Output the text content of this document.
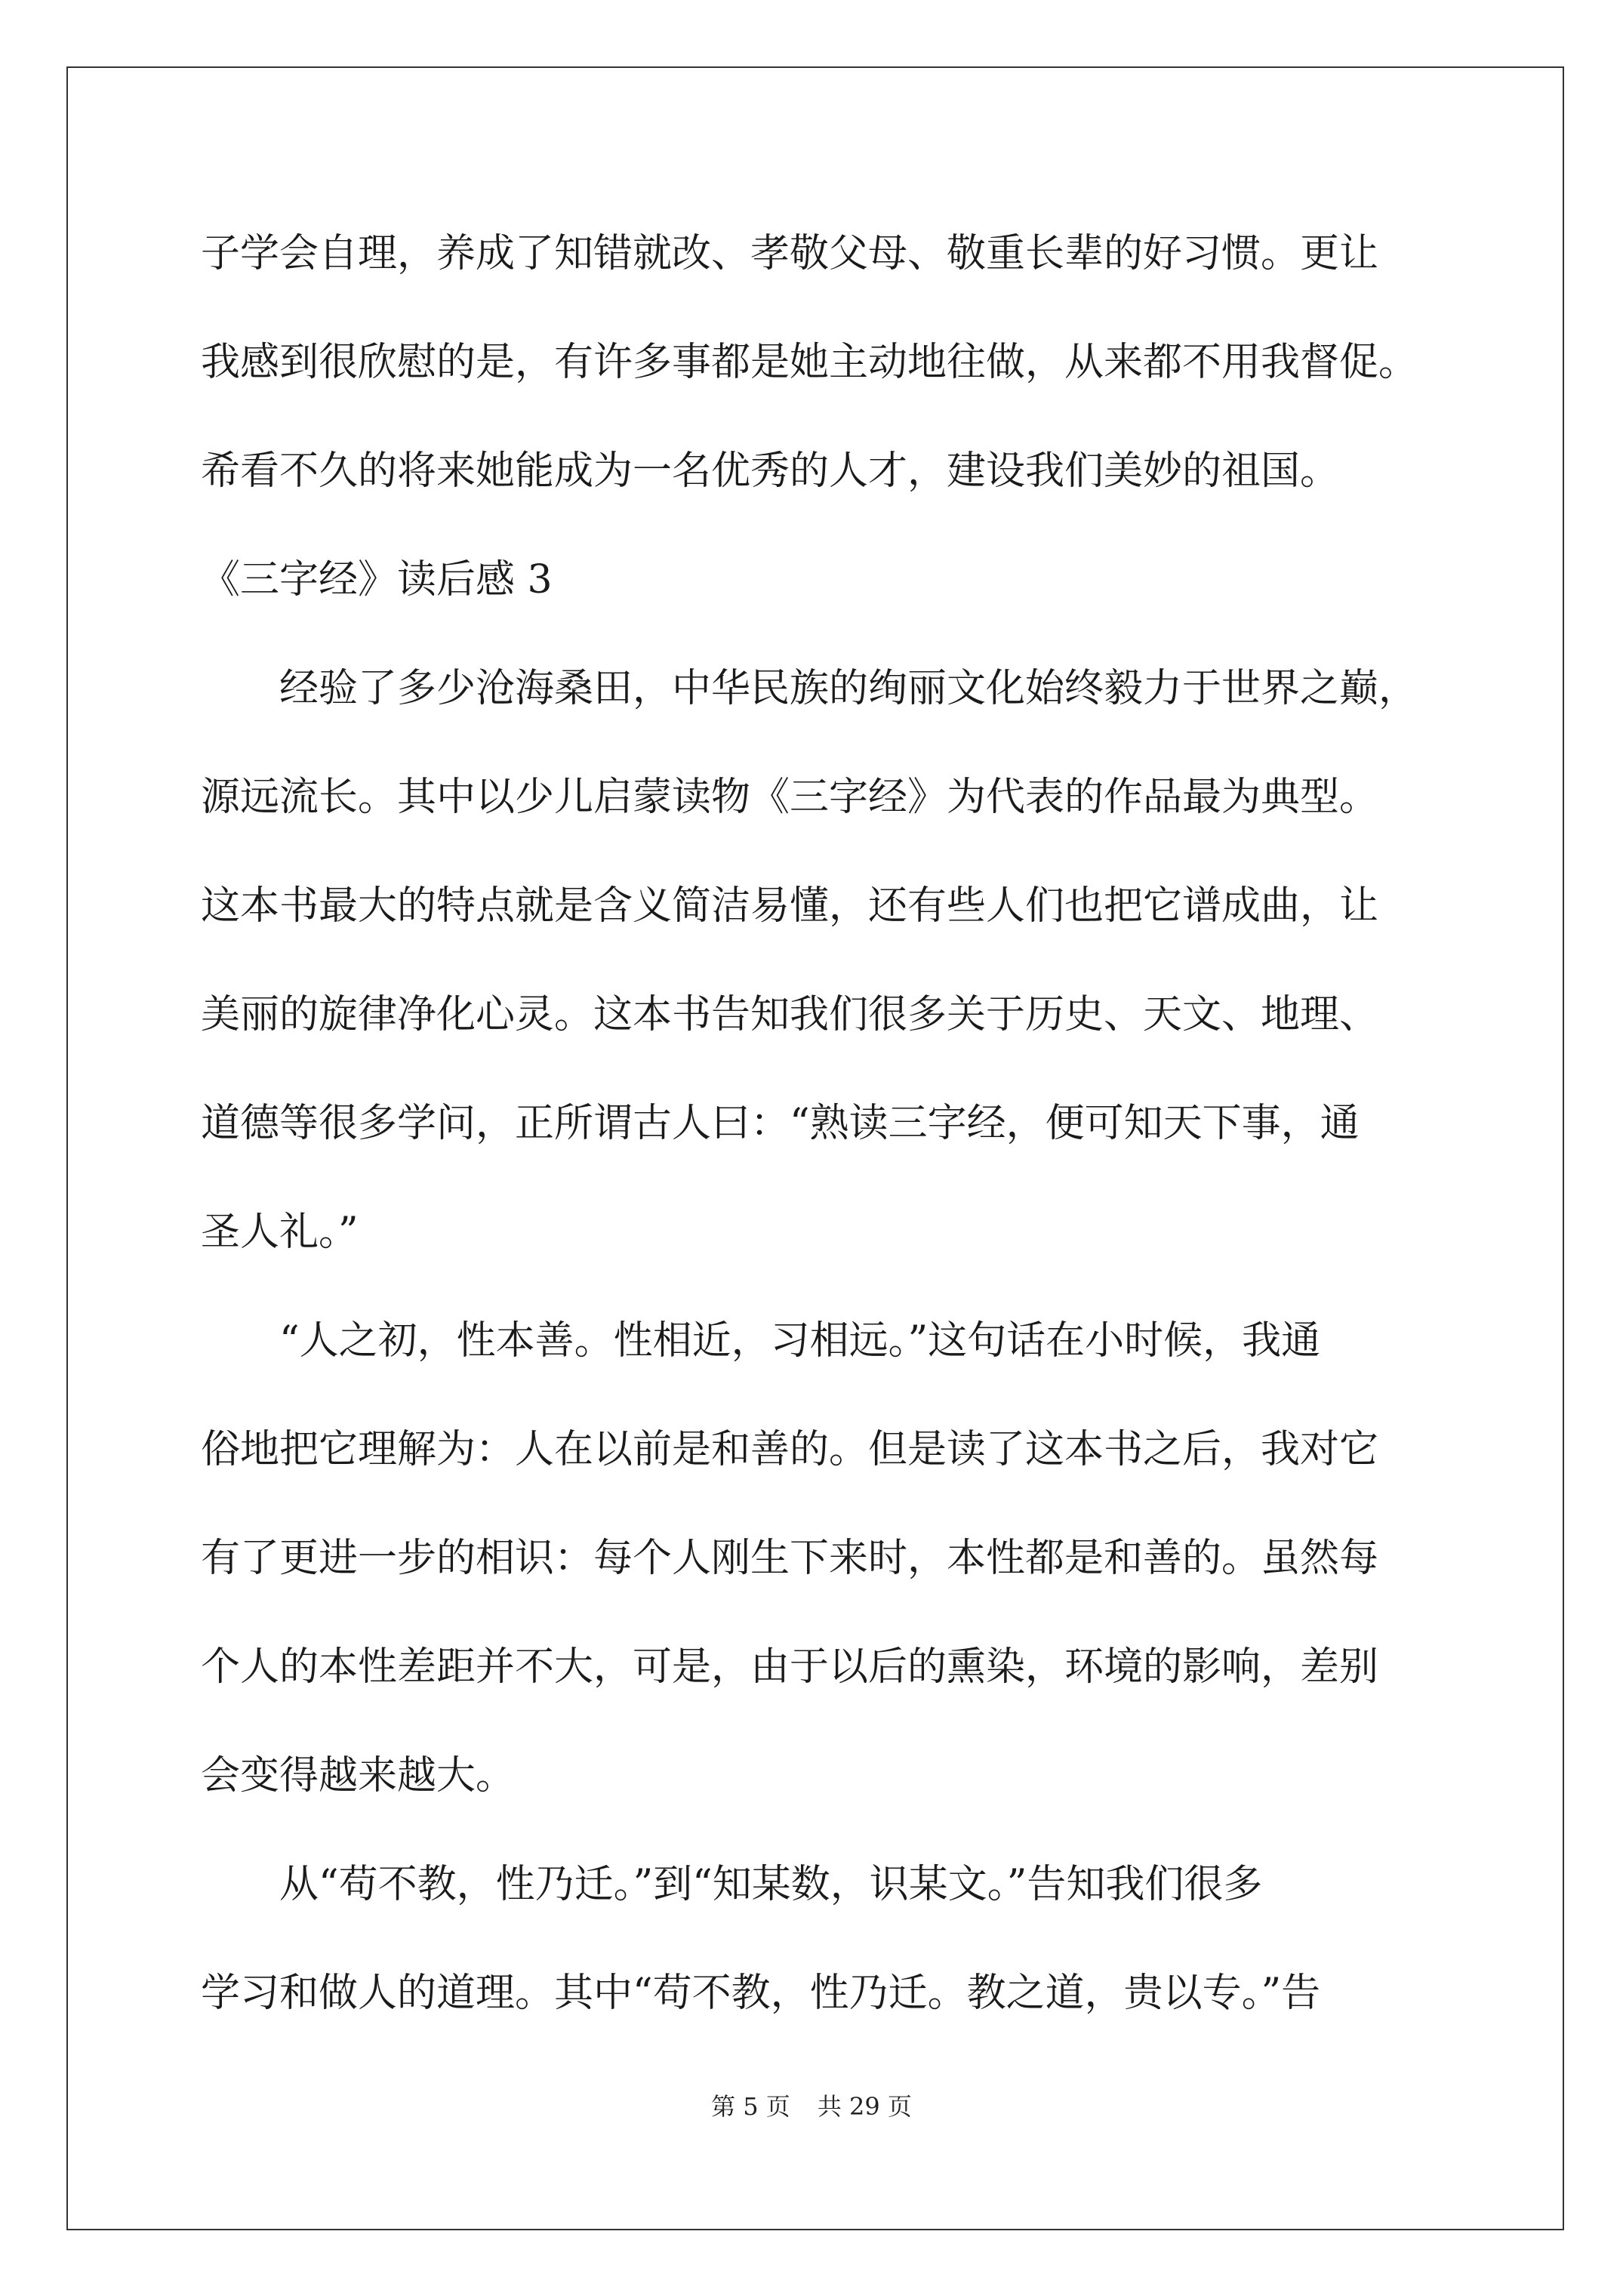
子学会自理，养成了知错就改、孝敬父母、敬重长辈的好习惯。更让
我感到很欣慰的是，有许多事都是她主动地往做，从来都不用我督促。
希看不久的将来她能成为一名优秀的人才，建设我们美妙的祖国。
《三字经》读后感 3
　　经验了多少沧海桑田，中华民族的绚丽文化始终毅力于世界之巅，
源远流长。其中以少儿启蒙读物《三字经》为代表的作品最为典型。
这本书最大的特点就是含义简洁易懂，还有些人们也把它谱成曲，让
美丽的旋律净化心灵。这本书告知我们很多关于历史、天文、地理、
道德等很多学问，正所谓古人曰：“熟读三字经，便可知天下事，通
圣人礼。”
　　“人之初，性本善。性相近，习相远。”这句话在小时候，我通
俗地把它理解为：人在以前是和善的。但是读了这本书之后，我对它
有了更进一步的相识：每个人刚生下来时，本性都是和善的。虽然每
个人的本性差距并不大，可是，由于以后的熏染，环境的影响，差别
会变得越来越大。
　　从“苟不教，性乃迁。”到“知某数，识某文。”告知我们很多
学习和做人的道理。其中“苟不教，性乃迁。教之道，贵以专。”告
第 5 页 共 29 页
